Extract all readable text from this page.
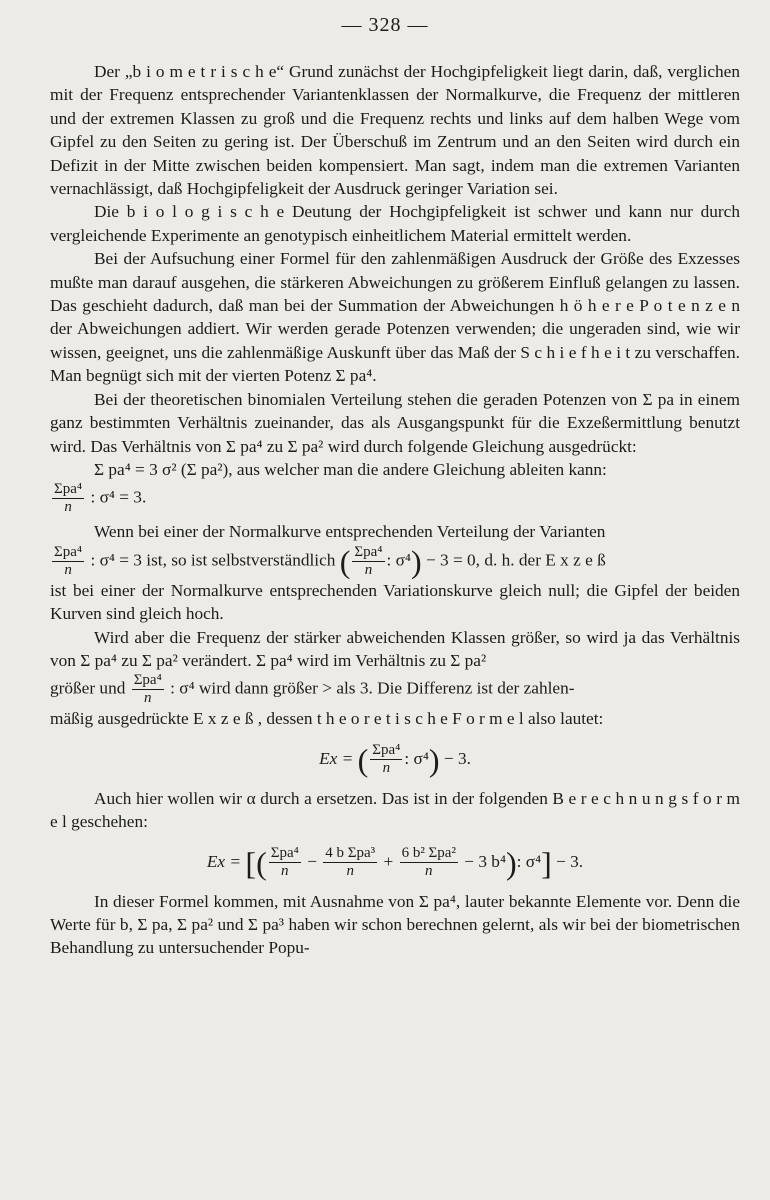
— 328 —

Der „b i o m e t r i s c h e“ Grund zunächst der Hochgipfeligkeit liegt darin, daß, verglichen mit der Frequenz entsprechender Variantenklassen der Normalkurve, die Frequenz der mittleren und der extremen Klassen zu groß und die Frequenz rechts und links auf dem halben Wege vom Gipfel zu den Seiten zu gering ist. Der Überschuß im Zentrum und an den Seiten wird durch ein Defizit in der Mitte zwischen beiden kompensiert. Man sagt, indem man die extremen Varianten vernachlässigt, daß Hochgipfeligkeit der Ausdruck geringer Variation sei.

Die b i o l o g i s c h e Deutung der Hochgipfeligkeit ist schwer und kann nur durch vergleichende Experimente an genotypisch einheitlichem Material ermittelt werden.

Bei der Aufsuchung einer Formel für den zahlenmäßigen Ausdruck der Größe des Exzesses mußte man darauf ausgehen, die stärkeren Abweichungen zu größerem Einfluß gelangen zu lassen. Das geschieht dadurch, daß man bei der Summation der Abweichungen h ö h e r e P o t e n z e n der Abweichungen addiert. Wir werden gerade Potenzen verwenden; die ungeraden sind, wie wir wissen, geeignet, uns die zahlenmäßige Auskunft über das Maß der S c h i e f h e i t zu verschaffen. Man begnügt sich mit der vierten Potenz Σ pa⁴.

Bei der theoretischen binomialen Verteilung stehen die geraden Potenzen von Σ pa in einem ganz bestimmten Verhältnis zueinander, das als Ausgangspunkt für die Exzeßermittlung benutzt wird. Das Verhältnis von Σ pa⁴ zu Σ pa² wird durch folgende Gleichung ausgedrückt:

Σ pa⁴ = 3 σ² (Σ pa²), aus welcher man die andere Gleichung ableiten kann:

$\frac{\text{Σpa⁴}}{n}$ : σ⁴ = 3.

Wenn bei einer der Normalkurve entsprechenden Verteilung der Varianten

$\frac{\text{Σpa⁴}}{n}$ : σ⁴ = 3 ist, so ist selbstverständlich ( $\frac{\text{Σpa⁴}}{n}$ : σ⁴) − 3 = 0, d. h. der E x z e ß

ist bei einer der Normalkurve entsprechenden Variationskurve gleich null; die Gipfel der beiden Kurven sind gleich hoch.

Wird aber die Frequenz der stärker abweichenden Klassen größer, so wird ja das Verhältnis von Σ pa⁴ zu Σ pa² verändert. Σ pa⁴ wird im Verhältnis zu Σ pa²

größer und $\frac{\text{Σpa⁴}}{n}$ : σ⁴ wird dann größer > als 3. Die Differenz ist der zahlen-

mäßig ausgedrückte E x z e ß , dessen t h e o r e t i s c h e F o r m e l also lautet:

Ex = ( $\frac{\text{Σpa⁴}}{n}$ : σ⁴) − 3.

Auch hier wollen wir α durch a ersetzen. Das ist in der folgenden B e r e c h n u n g s f o r m e l geschehen:

Ex = [( $\frac{\text{Σpa⁴}}{n} - \frac{\text{4 b Σpa³}}{n} + \frac{\text{6 b² Σpa²}}{n} - 3$ b⁴): σ⁴] − 3.

In dieser Formel kommen, mit Ausnahme von Σ pa⁴, lauter bekannte Elemente vor. Denn die Werte für b, Σ pa, Σ pa² und Σ pa³ haben wir schon berechnen gelernt, als wir bei der biometrischen Behandlung zu untersuchender Popu-
